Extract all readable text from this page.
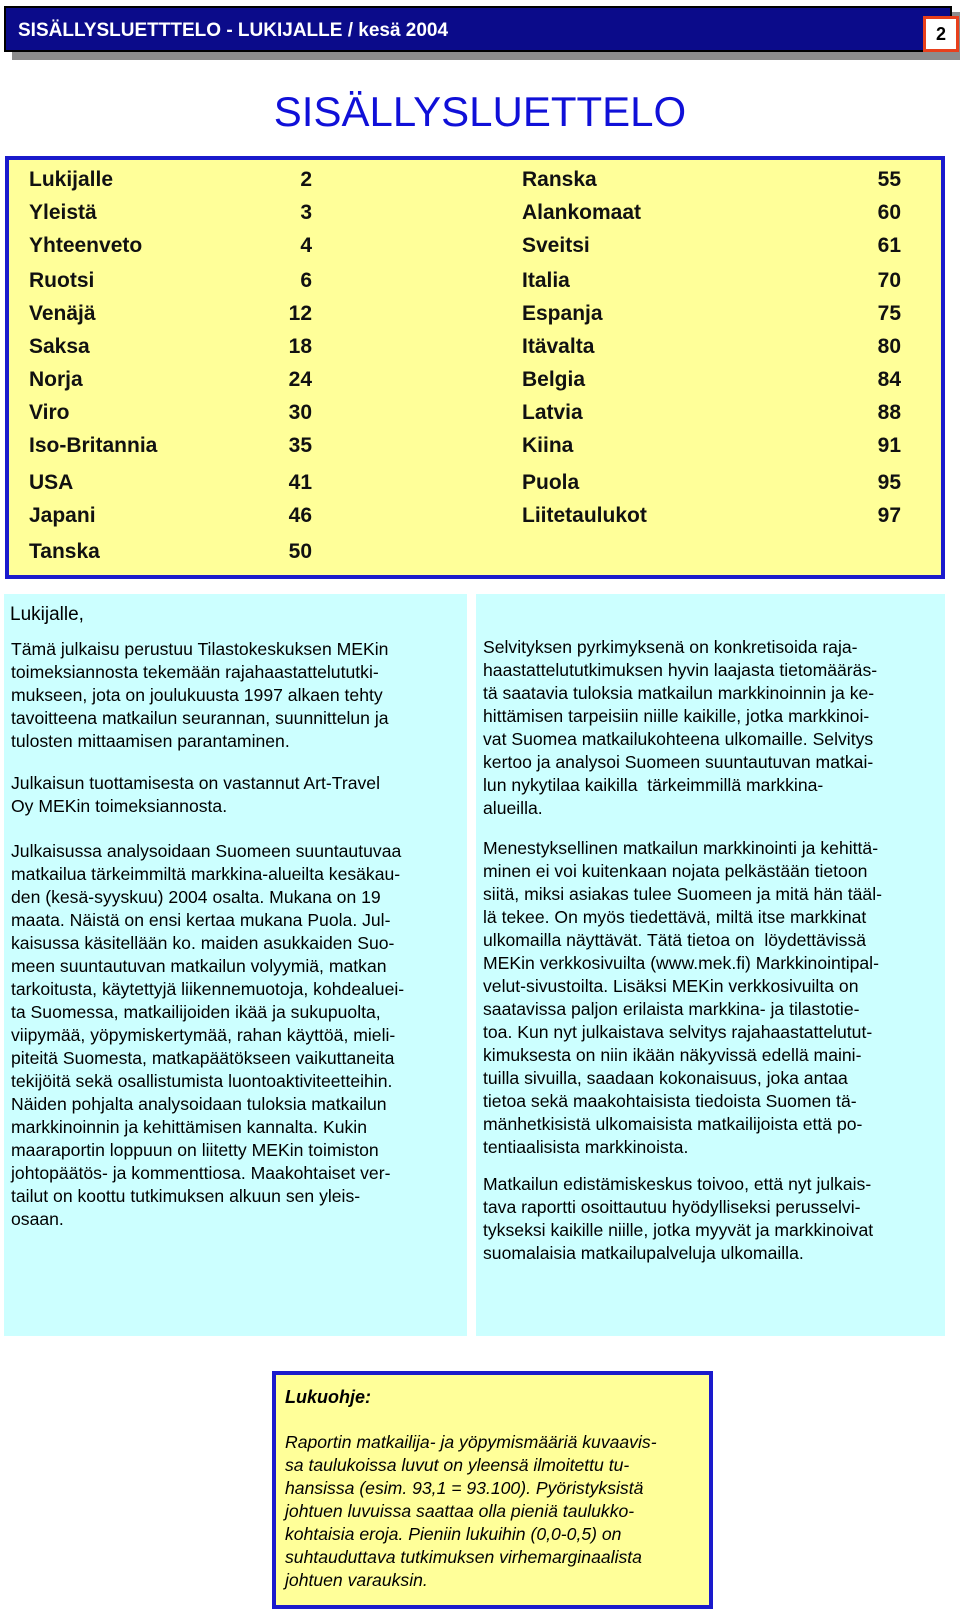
SISÄLLYSLUETTTELO - LUKIJALLE / kesä 2004	2
SISÄLLYSLUETTELO
Lukijalle	2
Yleistä	3
Yhteenveto	4
Ruotsi	6
Venäjä	12
Saksa	18
Norja	24
Viro	30
Iso-Britannia	35
USA	41
Japani	46
Tanska	50
Ranska	55
Alankomaat	60
Sveitsi	61
Italia	70
Espanja	75
Itävalta	80
Belgia	84
Latvia	88
Kiina	91
Puola	95
Liitetaulukot	97
Lukijalle,

Tämä julkaisu perustuu Tilastokeskuksen MEKin
toimeksiannosta tekemään rajahaastattelututki-
mukseen, jota on joulukuusta 1997 alkaen tehty
tavoitteena matkailun seurannan, suunnittelun ja
tulosten mittaamisen parantaminen.

Julkaisun tuottamisesta on vastannut Art-Travel
Oy MEKin toimeksiannosta.

Julkaisussa analysoidaan Suomeen suuntautuvaa
matkailua tärkeimmiltä markkina-alueilta kesäkau-
den (kesä-syyskuu) 2004 osalta. Mukana on 19
maata. Näistä on ensi kertaa mukana Puola. Jul-
kaisussa käsitellään ko. maiden asukkaiden Suo-
meen suuntautuvan matkailun volyymiä, matkan
tarkoitusta, käytettyjä liikennemuotoja, kohdealuei-
ta Suomessa, matkailijoiden ikää ja sukupuolta,
viipymää, yöpymiskertymää, rahan käyttöä, mieli-
piteitä Suomesta, matkapäätökseen vaikuttaneita
tekijöitä sekä osallistumista luontoaktiviteetteihin.
Näiden pohjalta analysoidaan tuloksia matkailun
markkinoinnin ja kehittämisen kannalta. Kukin
maaraportin loppuun on liitetty MEKin toimiston
johtopäätös- ja kommenttiosa. Maakohtaiset ver-
tailut on koottu tutkimuksen alkuun sen yleis-
osaan.

Selvityksen pyrkimyksenä on konkretisoida raja-
haastattelututkimuksen hyvin laajasta tietomääräs-
tä saatavia tuloksia matkailun markkinoinnin ja ke-
hittämisen tarpeisiin niille kaikille, jotka markkinoi-
vat Suomea matkailukohteena ulkomaille. Selvitys
kertoo ja analysoi Suomeen suuntautuvan matkai-
lun nykytilaa kaikilla  tärkeimmillä markkina-
alueilla.

Menestyksellinen matkailun markkinointi ja kehittä-
minen ei voi kuitenkaan nojata pelkästään tietoon
siitä, miksi asiakas tulee Suomeen ja mitä hän tääl-
lä tekee. On myös tiedettävä, miltä itse markkinat
ulkomailla näyttävät. Tätä tietoa on  löydettävissä
MEKin verkkosivuilta (www.mek.fi) Markkinointipal-
velut-sivustoilta. Lisäksi MEKin verkkosivuilta on
saatavissa paljon erilaista markkina- ja tilastotie-
toa. Kun nyt julkaistava selvitys rajahaastattelutut-
kimuksesta on niin ikään näkyvissä edellä maini-
tuilla sivuilla, saadaan kokonaisuus, joka antaa
tietoa sekä maakohtaisista tiedoista Suomen tä-
mänhetkisistä ulkomaisista matkailijoista että po-
tentiaalisista markkinoista.

Matkailun edistämiskeskus toivoo, että nyt julkais-
tava raportti osoittautuu hyödylliseksi perusselvi-
tykseksi kaikille niille, jotka myyvät ja markkinoivat
suomalaisia matkailupalveluja ulkomailla.

Lukuohje:

Raportin matkailija- ja yöpymismääriä kuvaavis-
sa taulukoissa luvut on yleensä ilmoitettu tu-
hansissa (esim. 93,1 = 93.100). Pyöristyksistä
johtuen luvuissa saattaa olla pieniä taulukko-
kohtaisia eroja. Pieniin lukuihin (0,0-0,5) on
suhtauduttava tutkimuksen virhemarginaalista
johtuen varauksin.
